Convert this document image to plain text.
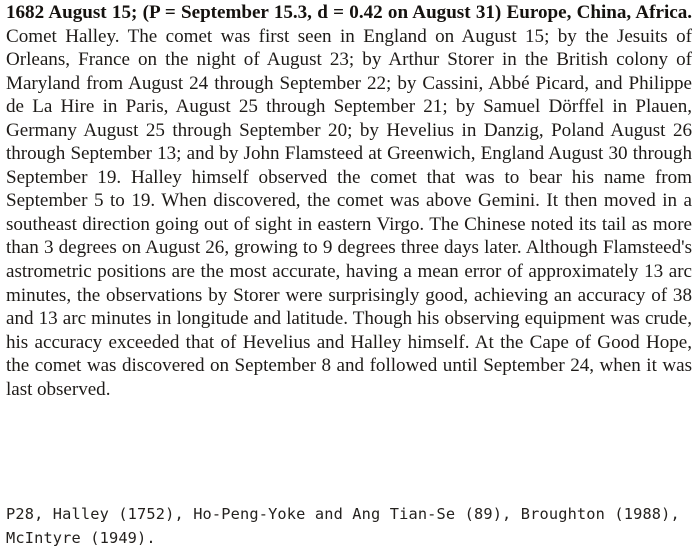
1682 August 15; (P = September 15.3, d = 0.42 on August 31) Europe, China, Africa. Comet Halley. The comet was first seen in England on August 15; by the Jesuits of Orleans, France on the night of August 23; by Arthur Storer in the British colony of Maryland from August 24 through September 22; by Cassini, Abbé Picard, and Philippe de La Hire in Paris, August 25 through September 21; by Samuel Dörffel in Plauen, Germany August 25 through September 20; by Hevelius in Danzig, Poland August 26 through September 13; and by John Flamsteed at Greenwich, England August 30 through September 19. Halley himself observed the comet that was to bear his name from September 5 to 19. When discovered, the comet was above Gemini. It then moved in a southeast direction going out of sight in eastern Virgo. The Chinese noted its tail as more than 3 degrees on August 26, growing to 9 degrees three days later. Although Flamsteed's astrometric positions are the most accurate, having a mean error of approximately 13 arc minutes, the observations by Storer were surprisingly good, achieving an accuracy of 38 and 13 arc minutes in longitude and latitude. Though his observing equipment was crude, his accuracy exceeded that of Hevelius and Halley himself. At the Cape of Good Hope, the comet was discovered on September 8 and followed until September 24, when it was last observed.

P28, Halley (1752), Ho-Peng-Yoke and Ang Tian-Se (89), Broughton (1988), McIntyre (1949).
